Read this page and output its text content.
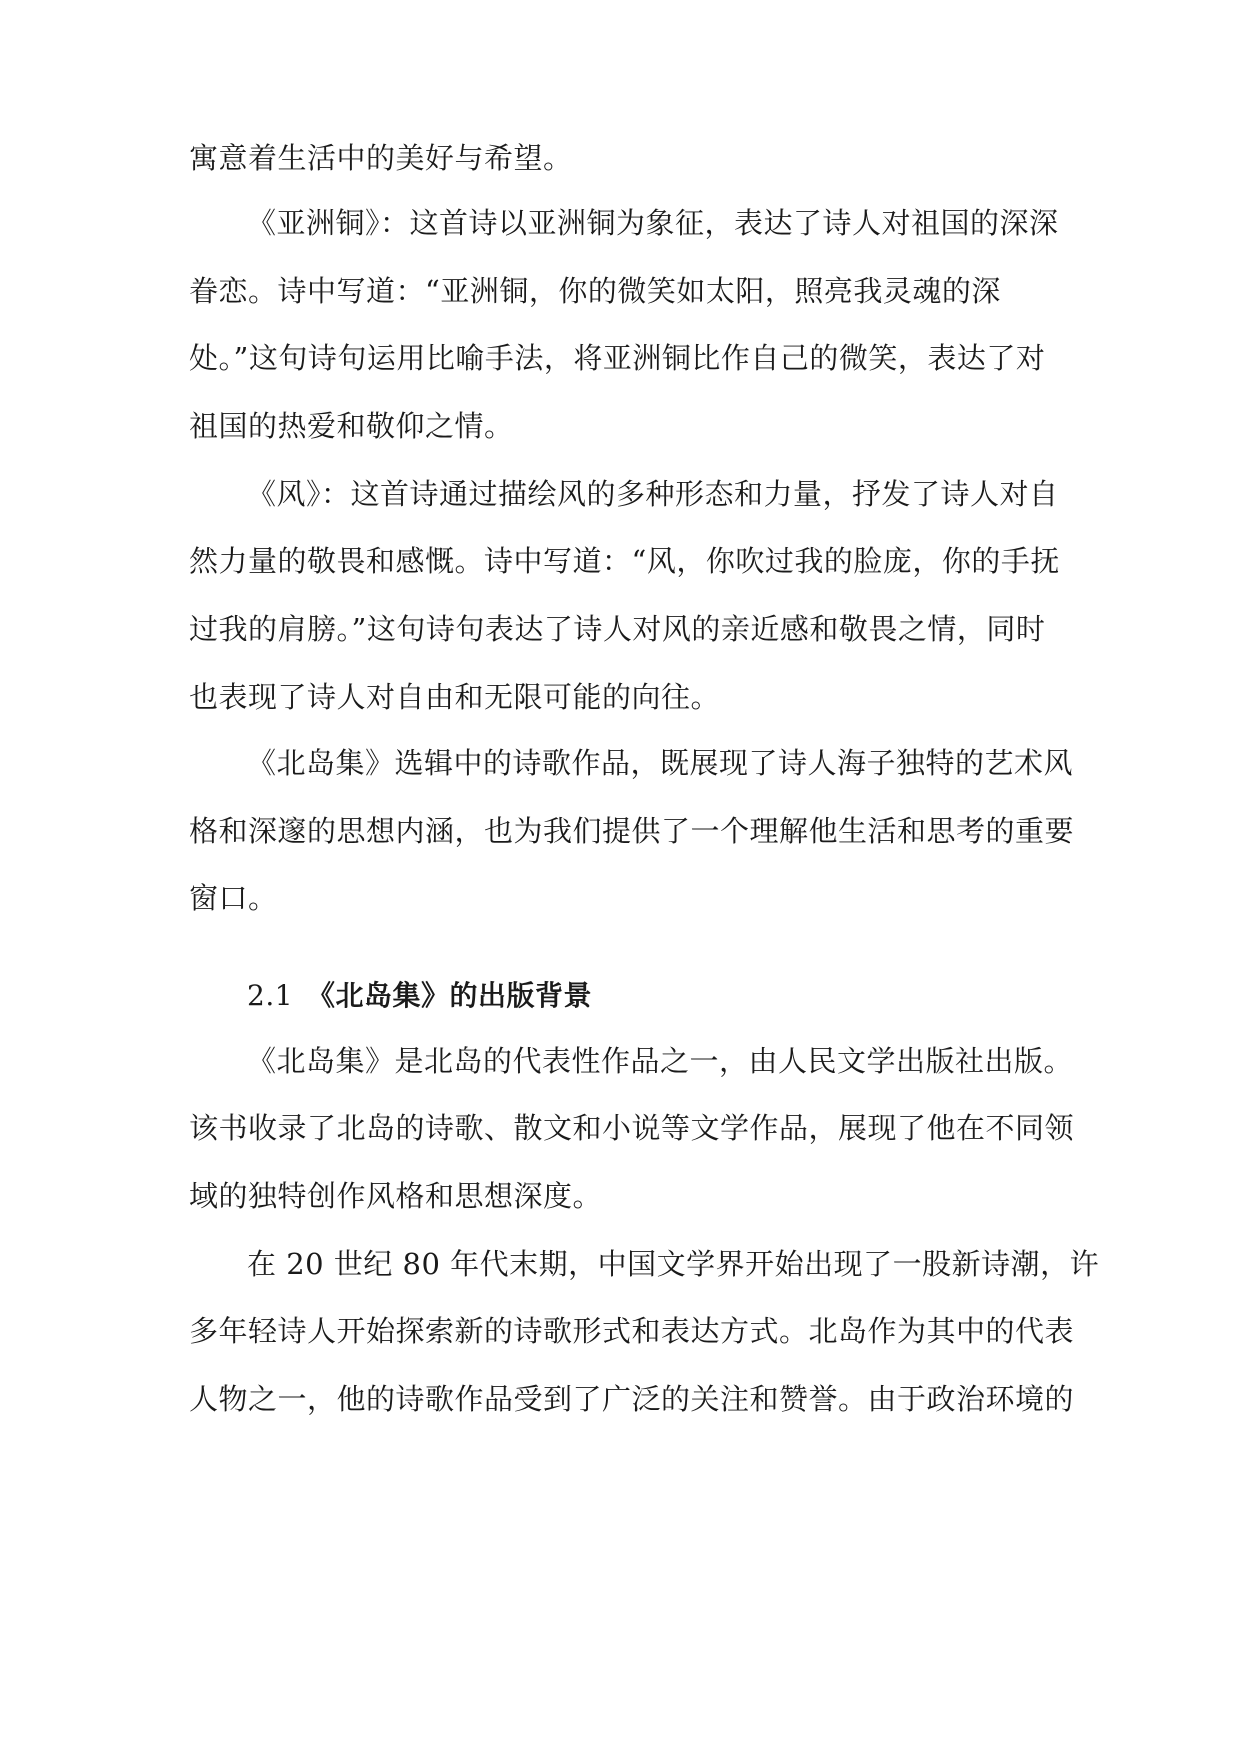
寓意着生活中的美好与希望。
《亚洲铜》：这首诗以亚洲铜为象征，表达了诗人对祖国的深深
眷恋。诗中写道：“亚洲铜，你的微笑如太阳，照亮我灵魂的深
处。”这句诗句运用比喻手法，将亚洲铜比作自己的微笑，表达了对
祖国的热爱和敬仰之情。
《风》：这首诗通过描绘风的多种形态和力量，抒发了诗人对自
然力量的敬畏和感慨。诗中写道：“风，你吹过我的脸庞，你的手抚
过我的肩膀。”这句诗句表达了诗人对风的亲近感和敬畏之情，同时
也表现了诗人对自由和无限可能的向往。
《北岛集》选辑中的诗歌作品，既展现了诗人海子独特的艺术风
格和深邃的思想内涵，也为我们提供了一个理解他生活和思考的重要
窗口。
2.1 《北岛集》的出版背景
《北岛集》是北岛的代表性作品之一，由人民文学出版社出版。
该书收录了北岛的诗歌、散文和小说等文学作品，展现了他在不同领
域的独特创作风格和思想深度。
在 20 世纪 80 年代末期，中国文学界开始出现了一股新诗潮，许
多年轻诗人开始探索新的诗歌形式和表达方式。北岛作为其中的代表
人物之一，他的诗歌作品受到了广泛的关注和赞誉。由于政治环境的
